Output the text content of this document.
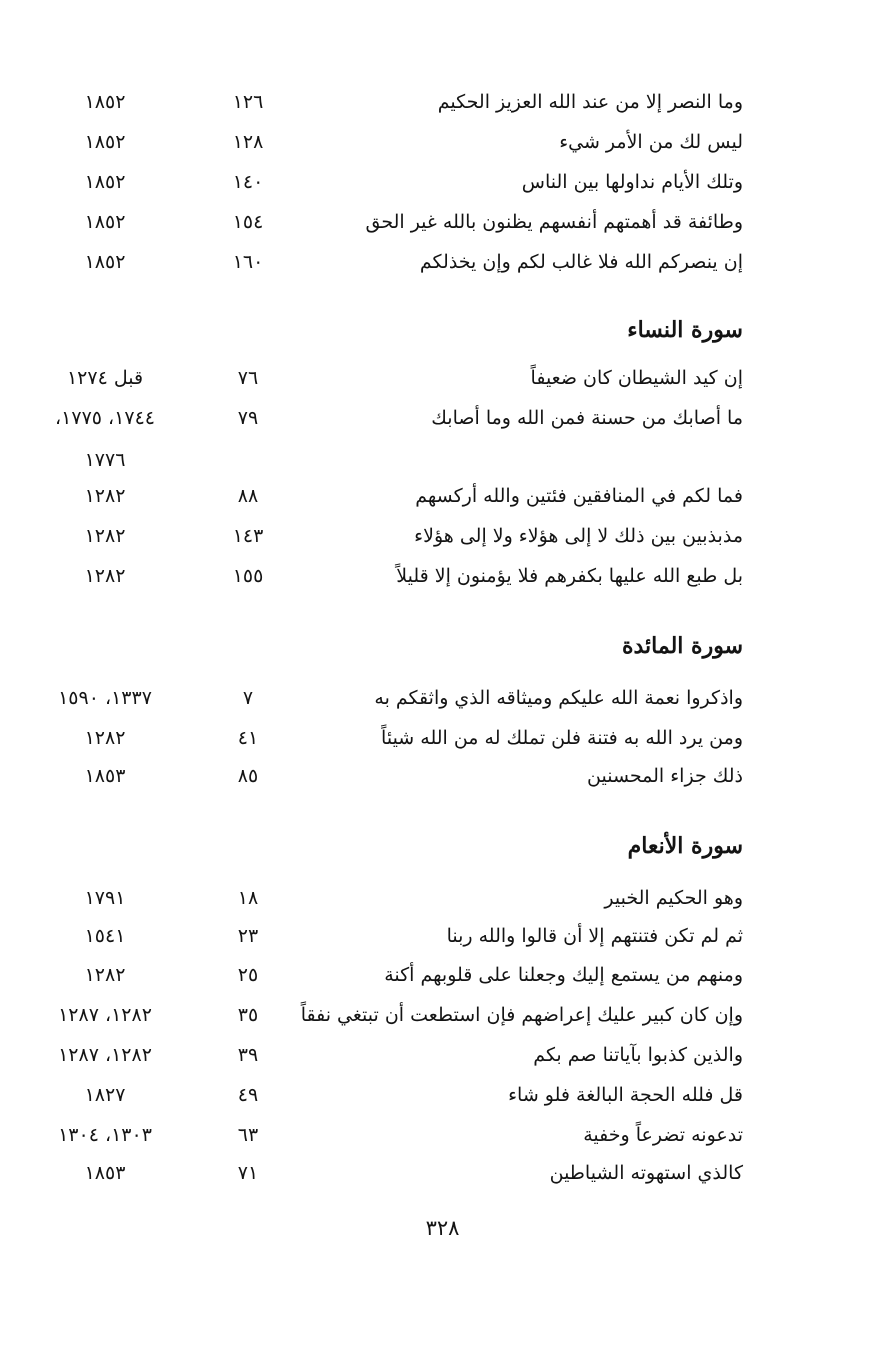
وما النصر إلا من عند الله العزيز الحكيم
١٢٦
١٨٥٢
ليس لك من الأمر شيء
١٢٨
١٨٥٢
وتلك الأيام نداولها بين الناس
١٤٠
١٨٥٢
وطائفة قد أهمتهم أنفسهم يظنون بالله غير الحق
١٥٤
١٨٥٢
إن ينصركم الله فلا غالب لكم وإن يخذلكم
١٦٠
١٨٥٢
سورة النساء
إن كيد الشيطان كان ضعيفاً
٧٦
قبل ١٢٧٤
ما أصابك من حسنة فمن الله وما أصابك
٧٩
١٧٤٤، ١٧٧٥،
١٧٧٦
فما لكم في المنافقين فئتين والله أركسهم
٨٨
١٢٨٢
مذبذبين بين ذلك لا إلى هؤلاء ولا إلى هؤلاء
١٤٣
١٢٨٢
بل طبع الله عليها بكفرهم فلا يؤمنون إلا قليلاً
١٥٥
١٢٨٢
سورة المائدة
واذكروا نعمة الله عليكم وميثاقه الذي واثقكم به
٧
١٣٣٧، ١٥٩٠
ومن يرد الله به فتنة فلن تملك له من الله شيئاً
٤١
١٢٨٢
ذلك جزاء المحسنين
٨٥
١٨٥٣
سورة الأنعام
وهو الحكيم الخبير
١٨
١٧٩١
ثم لم تكن فتنتهم إلا أن قالوا والله ربنا
٢٣
١٥٤١
ومنهم من يستمع إليك وجعلنا على قلوبهم أكنة
٢٥
١٢٨٢
وإن كان كبير عليك إعراضهم فإن استطعت أن تبتغي نفقاً
٣٥
١٢٨٢، ١٢٨٧
والذين كذبوا بآياتنا صم بكم
٣٩
١٢٨٢، ١٢٨٧
قل فلله الحجة البالغة فلو شاء
٤٩
١٨٢٧
تدعونه تضرعاً وخفية
٦٣
١٣٠٣، ١٣٠٤
كالذي استهوته الشياطين
٧١
١٨٥٣
٣٢٨
